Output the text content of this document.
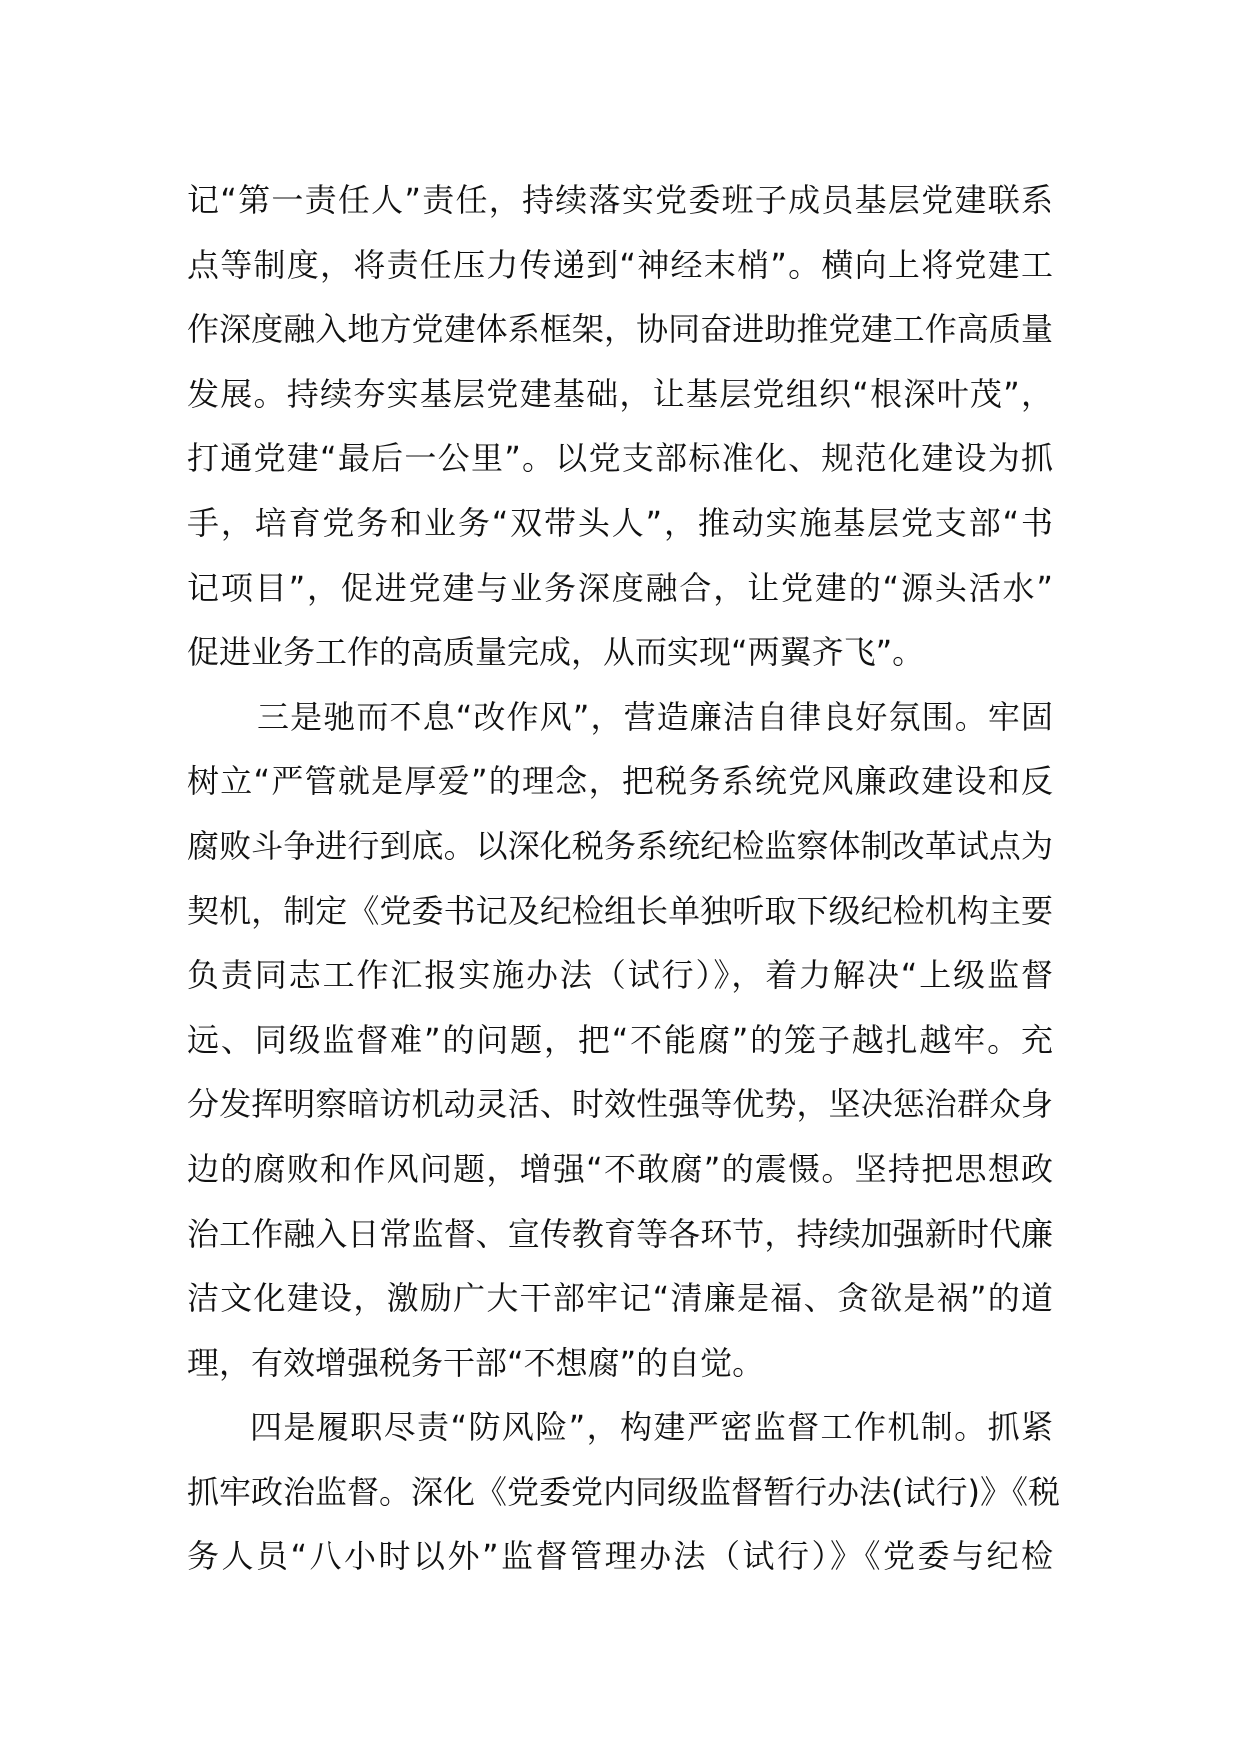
记“第一责任人”责任，持续落实党委班子成员基层党建联系
点等制度，将责任压力传递到“神经末梢”。横向上将党建工
作深度融入地方党建体系框架，协同奋进助推党建工作高质量
发展。持续夯实基层党建基础，让基层党组织“根深叶茂”，
打通党建“最后一公里”。以党支部标准化、规范化建设为抓
手，培育党务和业务“双带头人”，推动实施基层党支部“书
记项目”，促进党建与业务深度融合，让党建的“源头活水”
促进业务工作的高质量完成，从而实现“两翼齐飞”。
三是驰而不息“改作风”，营造廉洁自律良好氛围。牢固
树立“严管就是厚爱”的理念，把税务系统党风廉政建设和反
腐败斗争进行到底。以深化税务系统纪检监察体制改革试点为
契机，制定《党委书记及纪检组长单独听取下级纪检机构主要
负责同志工作汇报实施办法（试行）》，着力解决“上级监督
远、同级监督难”的问题，把“不能腐”的笼子越扎越牢。充
分发挥明察暗访机动灵活、时效性强等优势，坚决惩治群众身
边的腐败和作风问题，增强“不敢腐”的震慑。坚持把思想政
治工作融入日常监督、宣传教育等各环节，持续加强新时代廉
洁文化建设，激励广大干部牢记“清廉是福、贪欲是祸”的道
理，有效增强税务干部“不想腐”的自觉。
四是履职尽责“防风险”，构建严密监督工作机制。抓紧
抓牢政治监督。深化《党委党内同级监督暂行办法(试行)》《税
务人员“八小时以外”监督管理办法（试行）》《党委与纪检
